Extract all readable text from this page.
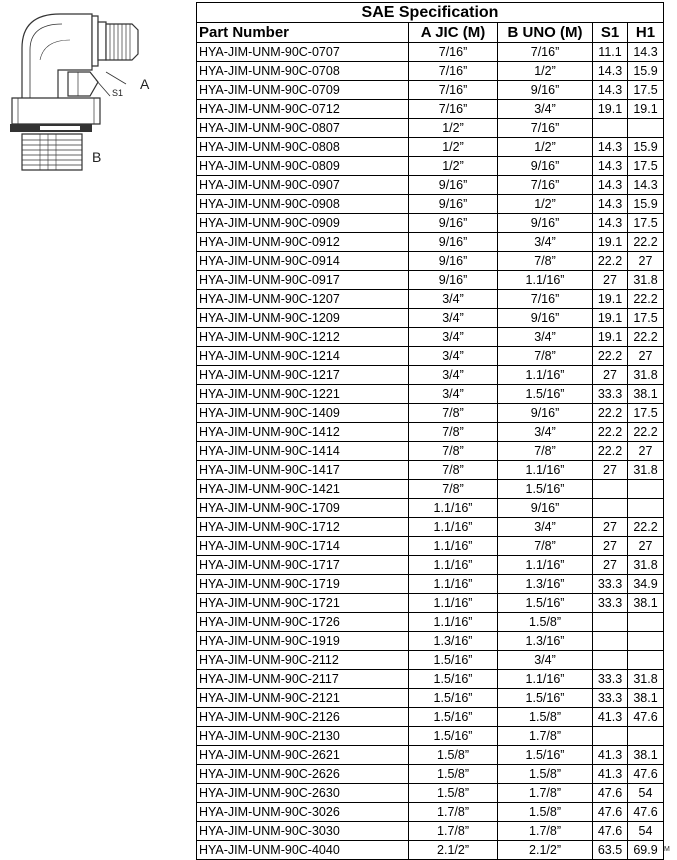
S1
A
B
SAE Specification				
Part Number	A JIC (M)	B UNO (M)	S1	H1
HYA-JIM-UNM-90C-0707	7/16”	7/16”	11.1	14.3
HYA-JIM-UNM-90C-0708	7/16”	1/2”	14.3	15.9
HYA-JIM-UNM-90C-0709	7/16”	9/16”	14.3	17.5
HYA-JIM-UNM-90C-0712	7/16”	3/4”	19.1	19.1
HYA-JIM-UNM-90C-0807	1/2”	7/16”		
HYA-JIM-UNM-90C-0808	1/2”	1/2”	14.3	15.9
HYA-JIM-UNM-90C-0809	1/2”	9/16”	14.3	17.5
HYA-JIM-UNM-90C-0907	9/16”	7/16”	14.3	14.3
HYA-JIM-UNM-90C-0908	9/16”	1/2”	14.3	15.9
HYA-JIM-UNM-90C-0909	9/16”	9/16”	14.3	17.5
HYA-JIM-UNM-90C-0912	9/16”	3/4”	19.1	22.2
HYA-JIM-UNM-90C-0914	9/16”	7/8”	22.2	27
HYA-JIM-UNM-90C-0917	9/16”	1.1/16”	27	31.8
HYA-JIM-UNM-90C-1207	3/4”	7/16”	19.1	22.2
HYA-JIM-UNM-90C-1209	3/4”	9/16”	19.1	17.5
HYA-JIM-UNM-90C-1212	3/4”	3/4”	19.1	22.2
HYA-JIM-UNM-90C-1214	3/4”	7/8”	22.2	27
HYA-JIM-UNM-90C-1217	3/4”	1.1/16”	27	31.8
HYA-JIM-UNM-90C-1221	3/4”	1.5/16”	33.3	38.1
HYA-JIM-UNM-90C-1409	7/8”	9/16”	22.2	17.5
HYA-JIM-UNM-90C-1412	7/8”	3/4”	22.2	22.2
HYA-JIM-UNM-90C-1414	7/8”	7/8”	22.2	27
HYA-JIM-UNM-90C-1417	7/8”	1.1/16”	27	31.8
HYA-JIM-UNM-90C-1421	7/8”	1.5/16”		
HYA-JIM-UNM-90C-1709	1.1/16”	9/16”		
HYA-JIM-UNM-90C-1712	1.1/16”	3/4”	27	22.2
HYA-JIM-UNM-90C-1714	1.1/16”	7/8”	27	27
HYA-JIM-UNM-90C-1717	1.1/16”	1.1/16”	27	31.8
HYA-JIM-UNM-90C-1719	1.1/16”	1.3/16”	33.3	34.9
HYA-JIM-UNM-90C-1721	1.1/16”	1.5/16”	33.3	38.1
HYA-JIM-UNM-90C-1726	1.1/16”	1.5/8”		
HYA-JIM-UNM-90C-1919	1.3/16”	1.3/16”		
HYA-JIM-UNM-90C-2112	1.5/16”	3/4”		
HYA-JIM-UNM-90C-2117	1.5/16”	1.1/16”	33.3	31.8
HYA-JIM-UNM-90C-2121	1.5/16”	1.5/16”	33.3	38.1
HYA-JIM-UNM-90C-2126	1.5/16”	1.5/8”	41.3	47.6
HYA-JIM-UNM-90C-2130	1.5/16”	1.7/8”		
HYA-JIM-UNM-90C-2621	1.5/8”	1.5/16”	41.3	38.1
HYA-JIM-UNM-90C-2626	1.5/8”	1.5/8”	41.3	47.6
HYA-JIM-UNM-90C-2630	1.5/8”	1.7/8”	47.6	54
HYA-JIM-UNM-90C-3026	1.7/8”	1.5/8”	47.6	47.6
HYA-JIM-UNM-90C-3030	1.7/8”	1.7/8”	47.6	54
HYA-JIM-UNM-90C-4040	2.1/2”	2.1/2”	63.5	69.9 M
